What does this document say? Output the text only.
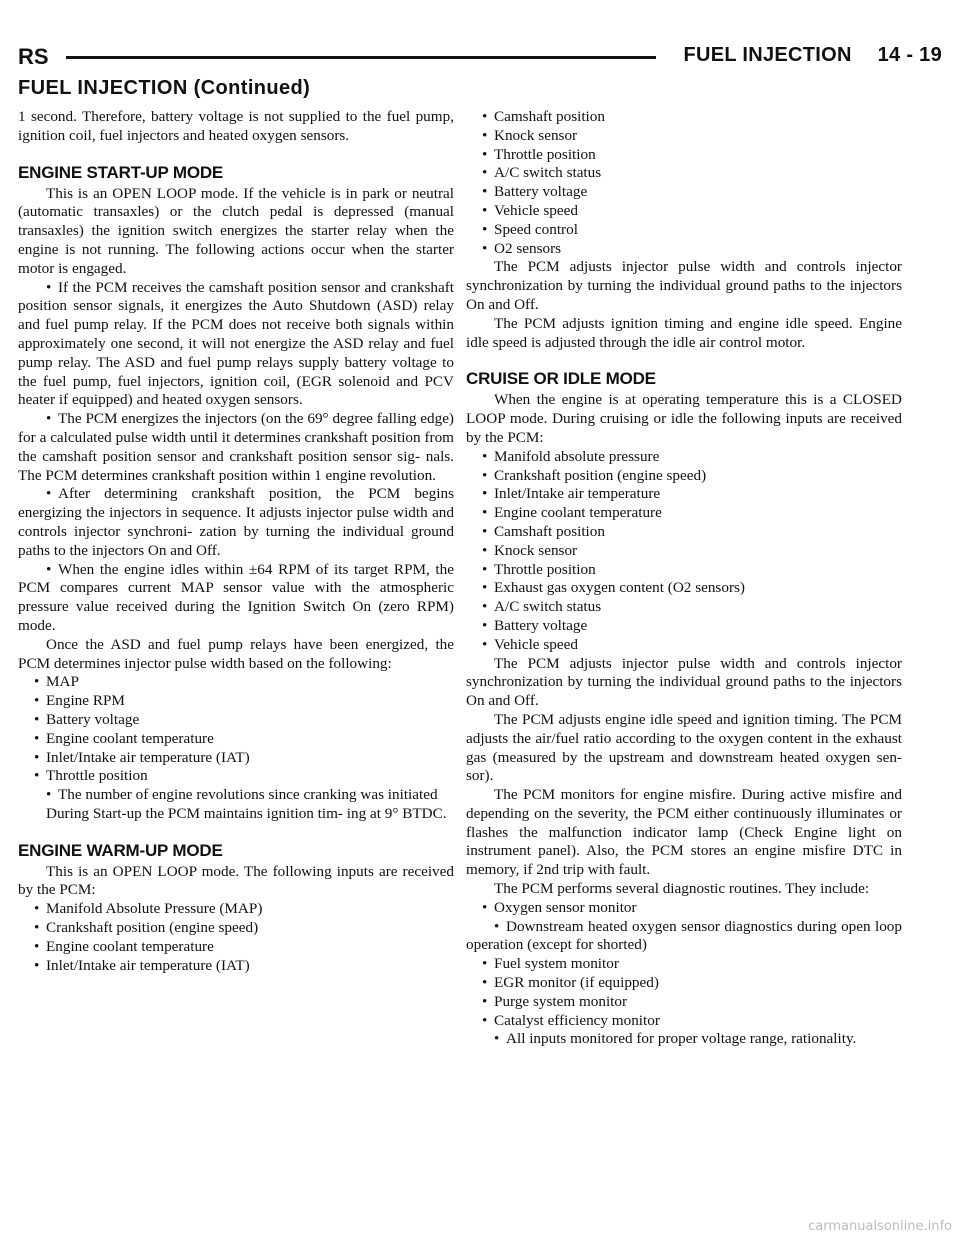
RS	FUEL INJECTION 14 - 19
FUEL INJECTION (Continued)

1 second. Therefore, battery voltage is not supplied to the fuel pump, ignition coil, fuel injectors and heated oxygen sensors.

ENGINE START-UP MODE

This is an OPEN LOOP mode. If the vehicle is in park or neutral (automatic transaxles) or the clutch pedal is depressed (manual transaxles) the ignition switch energizes the starter relay when the engine is not running. The following actions occur when the starter motor is engaged.

• If the PCM receives the camshaft position sensor and crankshaft position sensor signals, it energizes the Auto Shutdown (ASD) relay and fuel pump relay. If the PCM does not receive both signals within approximately one second, it will not energize the ASD relay and fuel pump relay. The ASD and fuel pump relays supply battery voltage to the fuel pump, fuel injectors, ignition coil, (EGR solenoid and PCV heater if equipped) and heated oxygen sensors.

• The PCM energizes the injectors (on the 69° degree falling edge) for a calculated pulse width until it determines crankshaft position from the camshaft position sensor and crankshaft position sensor sig- nals. The PCM determines crankshaft position within 1 engine revolution.

• After determining crankshaft position, the PCM begins energizing the injectors in sequence. It adjusts injector pulse width and controls injector synchroni- zation by turning the individual ground paths to the injectors On and Off.

• When the engine idles within ±64 RPM of its target RPM, the PCM compares current MAP sensor value with the atmospheric pressure value received during the Ignition Switch On (zero RPM) mode.

Once the ASD and fuel pump relays have been energized, the PCM determines injector pulse width based on the following:

• MAP

• Engine RPM

• Battery voltage

• Engine coolant temperature

• Inlet/Intake air temperature (IAT)

• Throttle position

• The number of engine revolutions since cranking was initiated

During Start-up the PCM maintains ignition tim- ing at 9° BTDC.

ENGINE WARM-UP MODE

This is an OPEN LOOP mode. The following inputs are received by the PCM:

• Manifold Absolute Pressure (MAP)

• Crankshaft position (engine speed)

• Engine coolant temperature

• Inlet/Intake air temperature (IAT)

• Camshaft position

• Knock sensor

• Throttle position

• A/C switch status

• Battery voltage

• Vehicle speed

• Speed control

• O2 sensors

The PCM adjusts injector pulse width and controls injector synchronization by turning the individual ground paths to the injectors On and Off.

The PCM adjusts ignition timing and engine idle speed. Engine idle speed is adjusted through the idle air control motor.

CRUISE OR IDLE MODE

When the engine is at operating temperature this is a CLOSED LOOP mode. During cruising or idle the following inputs are received by the PCM:

• Manifold absolute pressure

• Crankshaft position (engine speed)

• Inlet/Intake air temperature

• Engine coolant temperature

• Camshaft position

• Knock sensor

• Throttle position

• Exhaust gas oxygen content (O2 sensors)

• A/C switch status

• Battery voltage

• Vehicle speed

The PCM adjusts injector pulse width and controls injector synchronization by turning the individual ground paths to the injectors On and Off.

The PCM adjusts engine idle speed and ignition timing. The PCM adjusts the air/fuel ratio according to the oxygen content in the exhaust gas (measured by the upstream and downstream heated oxygen sen- sor).

The PCM monitors for engine misfire. During active misfire and depending on the severity, the PCM either continuously illuminates or flashes the malfunction indicator lamp (Check Engine light on instrument panel). Also, the PCM stores an engine misfire DTC in memory, if 2nd trip with fault.

The PCM performs several diagnostic routines. They include:

• Oxygen sensor monitor

• Downstream heated oxygen sensor diagnostics during open loop operation (except for shorted)

• Fuel system monitor

• EGR monitor (if equipped)

• Purge system monitor

• Catalyst efficiency monitor

• All inputs monitored for proper voltage range, rationality.

carmanualsonline.info
